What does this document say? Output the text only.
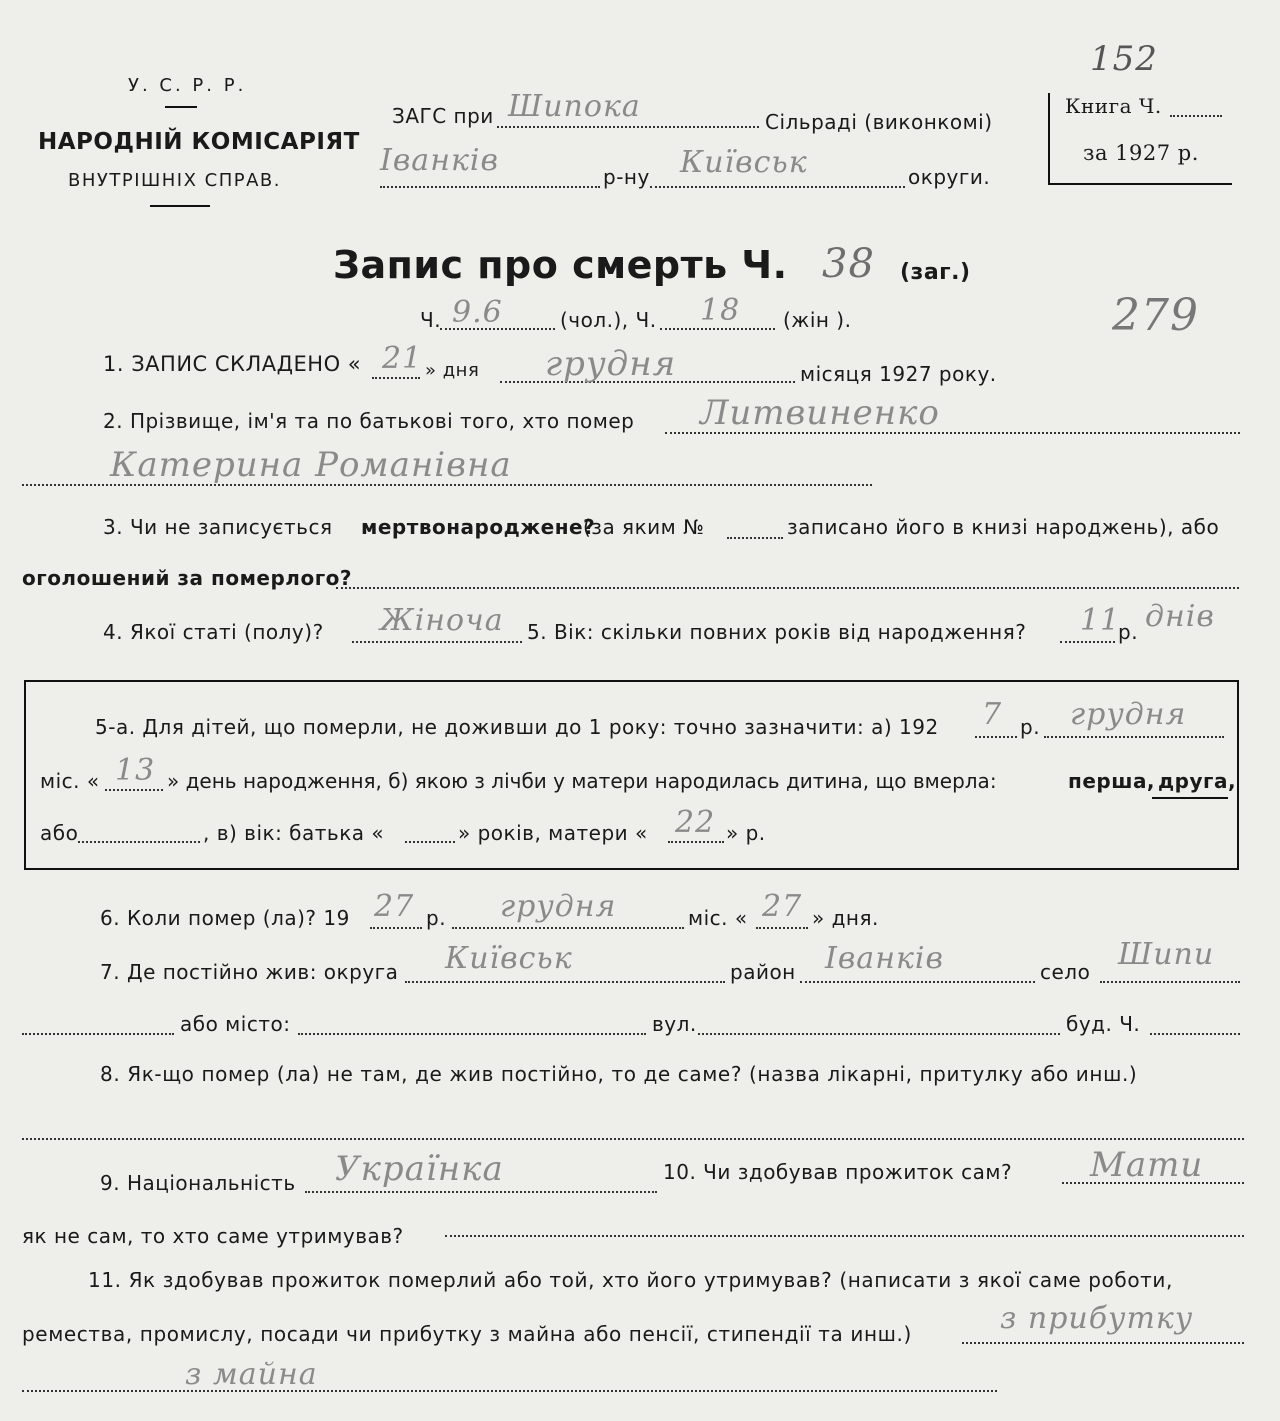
У. С. Р. Р.
НАРОДНІЙ КОМІСАРІЯТ
ВНУТРІШНІХ СПРАВ.
ЗАГС при Шипока	Сільраді (виконкомі)
Іванків	р-ну Київськ	округи.
152
Книга Ч.
за 1927 р.
Запис про смерть Ч. 38 (заг.)
Ч. 9.6	(чол.), Ч. 18 (жін ).	279
1. ЗАПИС СКЛАДЕНО « 21 » дня грудня	місяця 1927 року.
2. Прізвище, ім'я та по батькові того, хто помер Литвиненко
Катерина Романівна
3. Чи не записується мертвонароджене?
(за яким №	записано його в книзі народжень), або
оголошений за померлого?
4. Якої статі (полу)? Жіноча 5. Вік: скільки повних років від народження? 11
р. днів
5-а. Для дітей, що померли, не доживши до 1 року: точно зазначити: а) 192 7 р. грудня
міс. « 13 » день народження, б) якою з лічби у матери народилась дитина, що вмерла:	перша, друга,
або	, в) вік: батька «	» років, матери « 22 » р.
6. Коли помер (ла)? 19 27 р. грудня	міс. « 27 » дня.
7. Де постійно жив: округа Київськ	район Іванків	село Шипи
або місто:	вул.	буд. Ч.
8. Як-що помер (ла) не там, де жив постійно, то де саме? (назва лікарні, притулку або инш.)
9. Національність Українка	10. Чи здобував прожиток сам? Мати
як не сам, то хто саме утримував?
11. Як здобував прожиток померлий або той, хто його утримував? (написати з якої саме роботи,
ремества, промислу, посади чи прибутку з майна або пенсії, стипендії та инш.)	з прибутку
з майна
